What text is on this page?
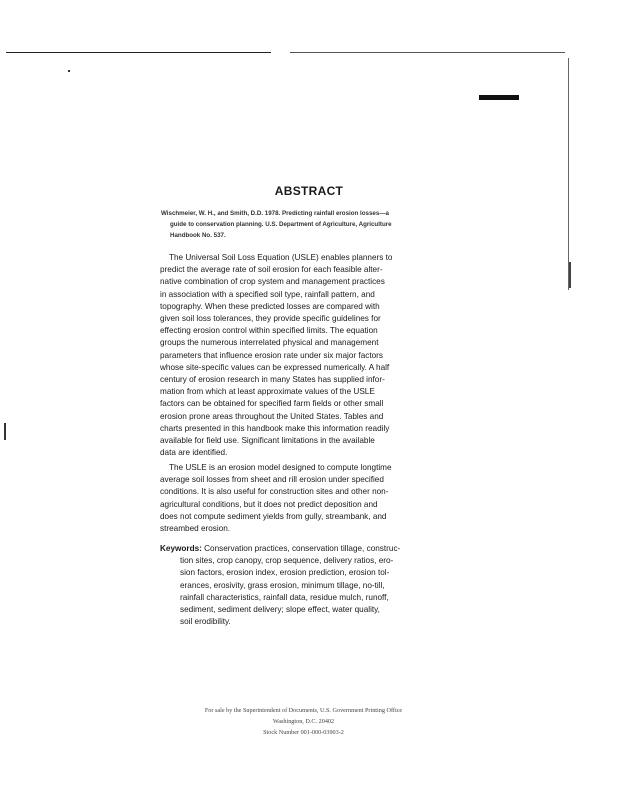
ABSTRACT
Wischmeier, W. H., and Smith, D.D. 1978. Predicting rainfall erosion losses—a
guide to conservation planning. U.S. Department of Agriculture, Agriculture
Handbook No. 537.
The Universal Soil Loss Equation (USLE) enables planners to
predict the average rate of soil erosion for each feasible alter-
native combination of crop system and management practices
in association with a specified soil type, rainfall pattern, and
topography. When these predicted losses are compared with
given soil loss tolerances, they provide specific guidelines for
effecting erosion control within specified limits. The equation
groups the numerous interrelated physical and management
parameters that influence erosion rate under six major factors
whose site-specific values can be expressed numerically. A half
century of erosion research in many States has supplied infor-
mation from which at least approximate values of the USLE
factors can be obtained for specified farm fields or other small
erosion prone areas throughout the United States. Tables and
charts presented in this handbook make this information readily
available for field use. Significant limitations in the available
data are identified.
The USLE is an erosion model designed to compute longtime
average soil losses from sheet and rill erosion under specified
conditions. It is also useful for construction sites and other non-
agricultural conditions, but it does not predict deposition and
does not compute sediment yields from gully, streambank, and
streambed erosion.
Keywords: Conservation practices, conservation tillage, construc-
tion sites, crop canopy, crop sequence, delivery ratios, ero-
sion factors, erosion index, erosion prediction, erosion tol-
erances, erosivity, grass erosion, minimum tillage, no-till,
rainfall characteristics, rainfall data, residue mulch, runoff,
sediment, sediment delivery; slope effect, water quality,
soil erodibility.
For sale by the Superintendent of Documents, U.S. Government Printing Office
Washington, D.C. 20402
Stock Number 001-000-03903-2
